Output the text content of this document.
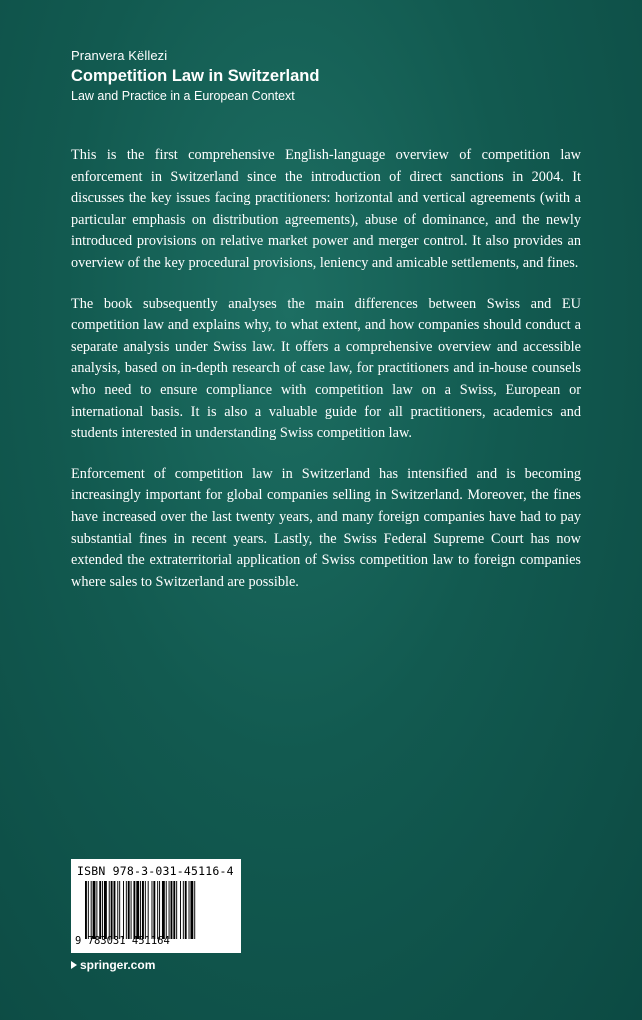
Pranvera Këllezi
Competition Law in Switzerland
Law and Practice in a European Context

This is the first comprehensive English-language overview of competition law enforcement in Switzerland since the introduction of direct sanctions in 2004. It discusses the key issues facing practitioners: horizontal and vertical agreements (with a particular emphasis on distribution agreements), abuse of dominance, and the newly introduced provisions on relative market power and merger control. It also provides an overview of the key procedural provisions, leniency and amicable settlements, and fines.

The book subsequently analyses the main differences between Swiss and EU competition law and explains why, to what extent, and how companies should conduct a separate analysis under Swiss law. It offers a comprehensive overview and accessible analysis, based on in-depth research of case law, for practitioners and in-house counsels who need to ensure compliance with competition law on a Swiss, European or international basis. It is also a valuable guide for all practitioners, academics and students interested in understanding Swiss competition law.

Enforcement of competition law in Switzerland has intensified and is becoming increasingly important for global companies selling in Switzerland. Moreover, the fines have increased over the last twenty years, and many foreign companies have had to pay substantial fines in recent years. Lastly, the Swiss Federal Supreme Court has now extended the extraterritorial application of Swiss competition law to foreign companies where sales to Switzerland are possible.

ISBN 978-3-031-45116-4
9 783031 451164
springer.com
